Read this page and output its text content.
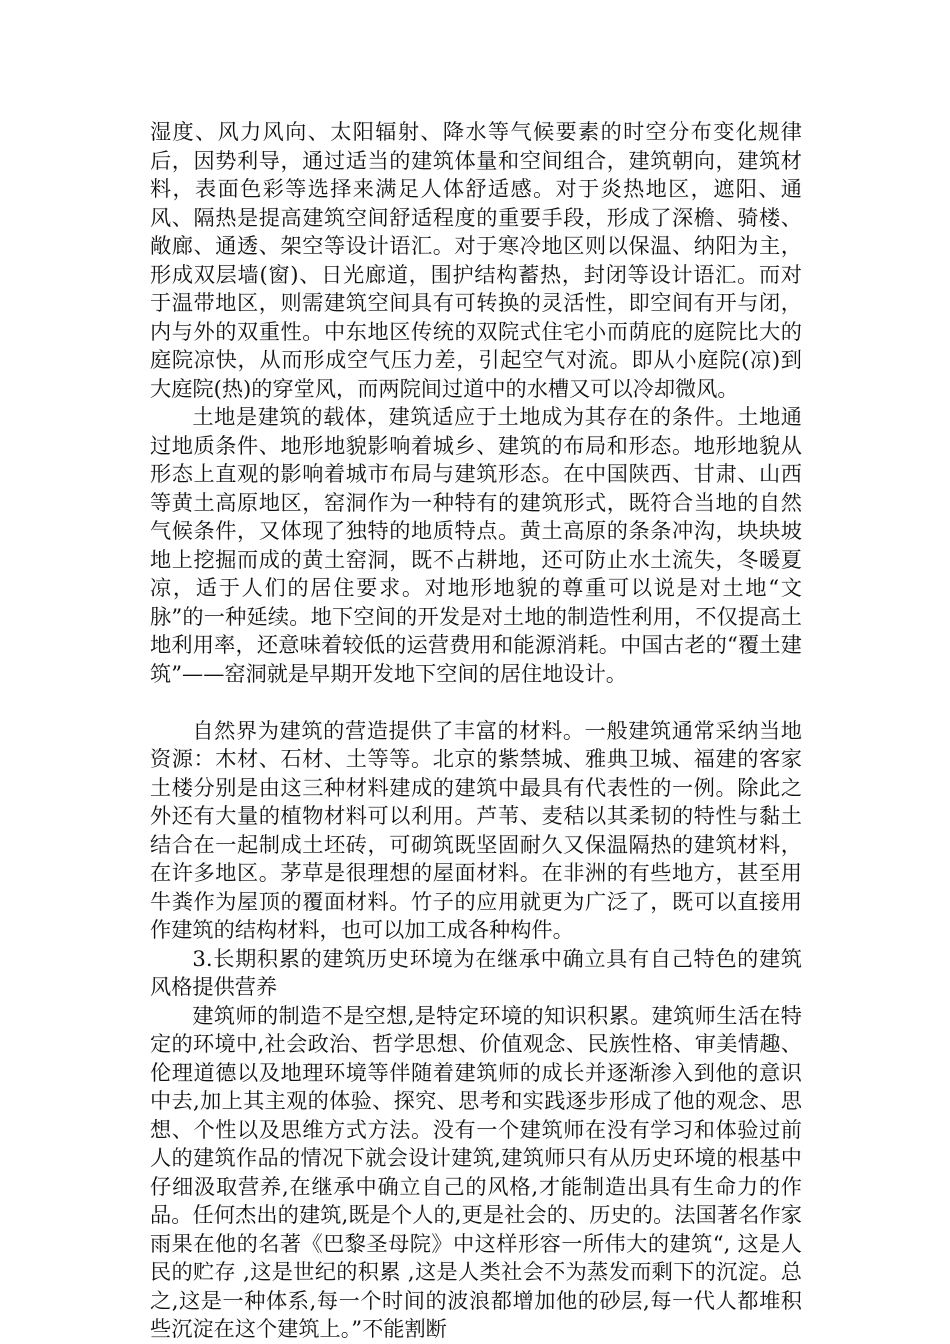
湿度、风力风向、太阳辐射、降水等气候要素的时空分布变化规律后，因势利导，通过适当的建筑体量和空间组合，建筑朝向，建筑材料，表面色彩等选择来满足人体舒适感。对于炎热地区，遮阳、通风、隔热是提高建筑空间舒适程度的重要手段，形成了深檐、骑楼、敞廊、通透、架空等设计语汇。对于寒冷地区则以保温、纳阳为主，形成双层墙(窗)、日光廊道，围护结构蓄热，封闭等设计语汇。而对于温带地区，则需建筑空间具有可转换的灵活性，即空间有开与闭，内与外的双重性。中东地区传统的双院式住宅小而荫庇的庭院比大的庭院凉快，从而形成空气压力差，引起空气对流。即从小庭院(凉)到大庭院(热)的穿堂风，而两院间过道中的水槽又可以冷却微风。

土地是建筑的载体，建筑适应于土地成为其存在的条件。土地通过地质条件、地形地貌影响着城乡、建筑的布局和形态。地形地貌从形态上直观的影响着城市布局与建筑形态。在中国陕西、甘肃、山西等黄土高原地区，窑洞作为一种特有的建筑形式，既符合当地的自然气候条件，又体现了独特的地质特点。黄土高原的条条冲沟，块块坡地上挖掘而成的黄土窑洞，既不占耕地，还可防止水土流失，冬暖夏凉，适于人们的居住要求。对地形地貌的尊重可以说是对土地“文脉”的一种延续。地下空间的开发是对土地的制造性利用，不仅提高土地利用率，还意味着较低的运营费用和能源消耗。中国古老的“覆土建筑”——窑洞就是早期开发地下空间的居住地设计。

自然界为建筑的营造提供了丰富的材料。一般建筑通常采纳当地资源：木材、石材、土等等。北京的紫禁城、雅典卫城、福建的客家土楼分别是由这三种材料建成的建筑中最具有代表性的一例。除此之外还有大量的植物材料可以利用。芦苇、麦秸以其柔韧的特性与黏土结合在一起制成土坯砖，可砌筑既坚固耐久又保温隔热的建筑材料，在许多地区。茅草是很理想的屋面材料。在非洲的有些地方，甚至用牛粪作为屋顶的覆面材料。竹子的应用就更为广泛了，既可以直接用作建筑的结构材料，也可以加工成各种构件。

3.长期积累的建筑历史环境为在继承中确立具有自己特色的建筑风格提供营养

建筑师的制造不是空想,是特定环境的知识积累。建筑师生活在特定的环境中,社会政治、哲学思想、价值观念、民族性格、审美情趣、伦理道德以及地理环境等伴随着建筑师的成长并逐渐渗入到他的意识中去,加上其主观的体验、探究、思考和实践逐步形成了他的观念、思想、个性以及思维方式方法。没有一个建筑师在没有学习和体验过前人的建筑作品的情况下就会设计建筑,建筑师只有从历史环境的根基中仔细汲取营养,在继承中确立自己的风格,才能制造出具有生命力的作品。任何杰出的建筑,既是个人的,更是社会的、历史的。法国著名作家雨果在他的名著《巴黎圣母院》中这样形容一所伟大的建筑“, 这是人民的贮存 ,这是世纪的积累 ,这是人类社会不为蒸发而剩下的沉淀。总之,这是一种体系,每一个时间的波浪都增加他的砂层,每一代人都堆积些沉淀在这个建筑上。”不能割断
